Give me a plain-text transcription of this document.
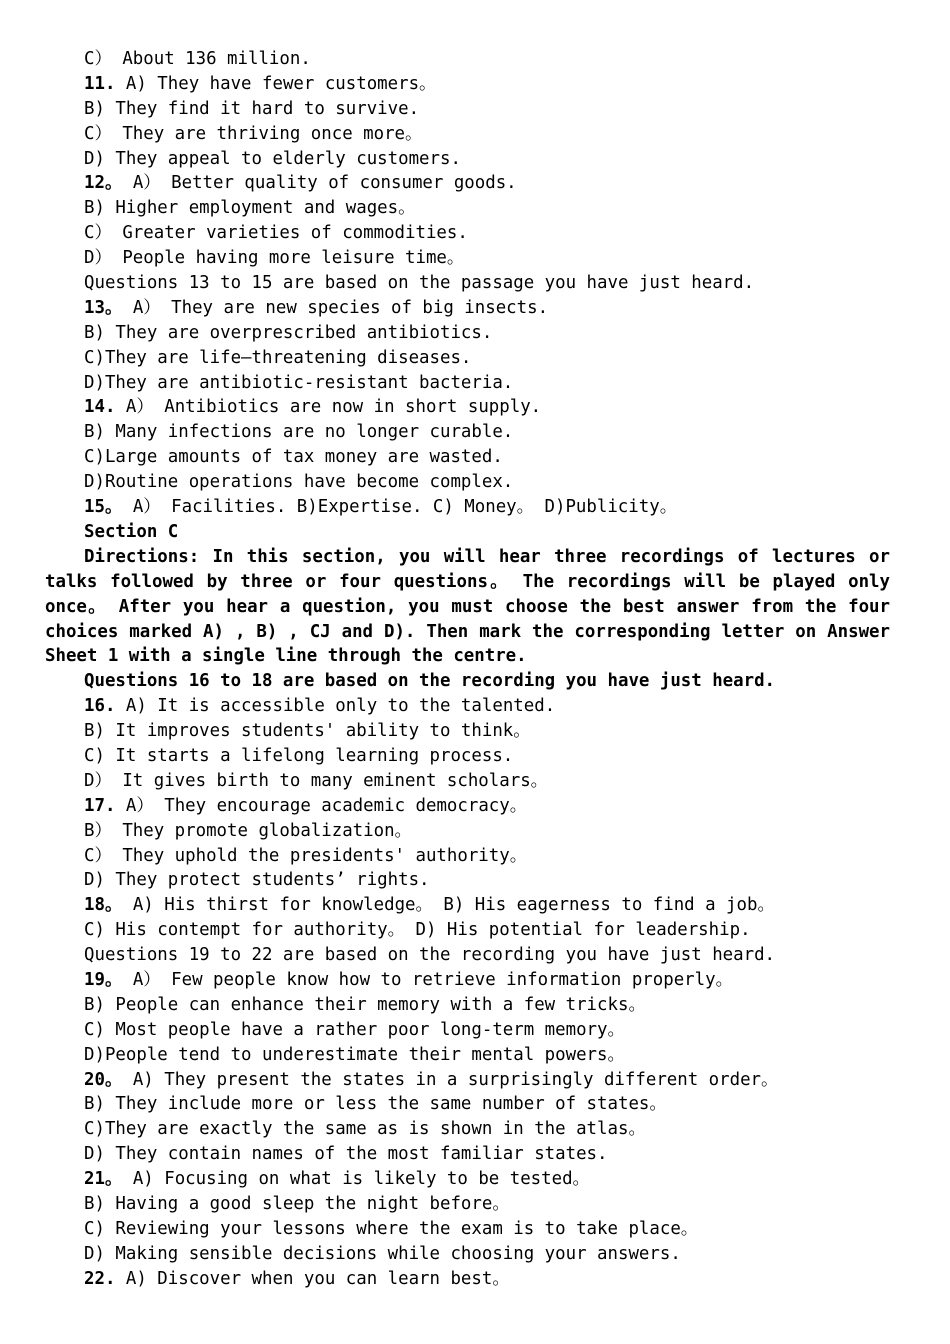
C） About 136 million.
11. A) They have fewer customers。
B) They find it hard to survive.
C） They are thriving once more。
D) They appeal to elderly customers.
12。 A） Better quality of consumer goods.
B) Higher employment and wages。
C） Greater varieties of commodities.
D） People having more leisure time。
Questions 13 to 15 are based on the passage you have just heard.
13。 A） They are new species of big insects.
B) They are overprescribed antibiotics.
C)They are life—threatening diseases.
D)They are antibiotic-resistant bacteria.
14. A） Antibiotics are now in short supply.
B) Many infections are no longer curable.
C)Large amounts of tax money are wasted.
D)Routine operations have become complex.
15。 A） Facilities. B)Expertise. C) Money。 D)Publicity。
Section C
Directions: In this section, you will hear three recordings of lectures or talks followed by three or four questions。 The recordings will be played only once。 After you hear a question, you must choose the best answer from the four choices marked A) , B) , CJ and D). Then mark the corresponding letter on Answer Sheet 1 with a single line through the centre.
Questions 16 to 18 are based on the recording you have just heard.
16. A) It is accessible only to the talented.
B) It improves students' ability to think。
C) It starts a lifelong learning process.
D） It gives birth to many eminent scholars。
17. A） They encourage academic democracy。
B） They promote globalization。
C） They uphold the presidents' authority。
D) They protect students’ rights.
18。 A) His thirst for knowledge。 B) His eagerness to find a job。
C) His contempt for authority。 D) His potential for leadership.
Questions 19 to 22 are based on the recording you have just heard.
19。 A） Few people know how to retrieve information properly。
B) People can enhance their memory with a few tricks。
C) Most people have a rather poor long-term memory。
D)People tend to underestimate their mental powers。
20。 A) They present the states in a surprisingly different order。
B) They include more or less the same number of states。
C)They are exactly the same as is shown in the atlas。
D) They contain names of the most familiar states.
21。 A) Focusing on what is likely to be tested。
B) Having a good sleep the night before。
C) Reviewing your lessons where the exam is to take place。
D) Making sensible decisions while choosing your answers.
22. A) Discover when you can learn best。
